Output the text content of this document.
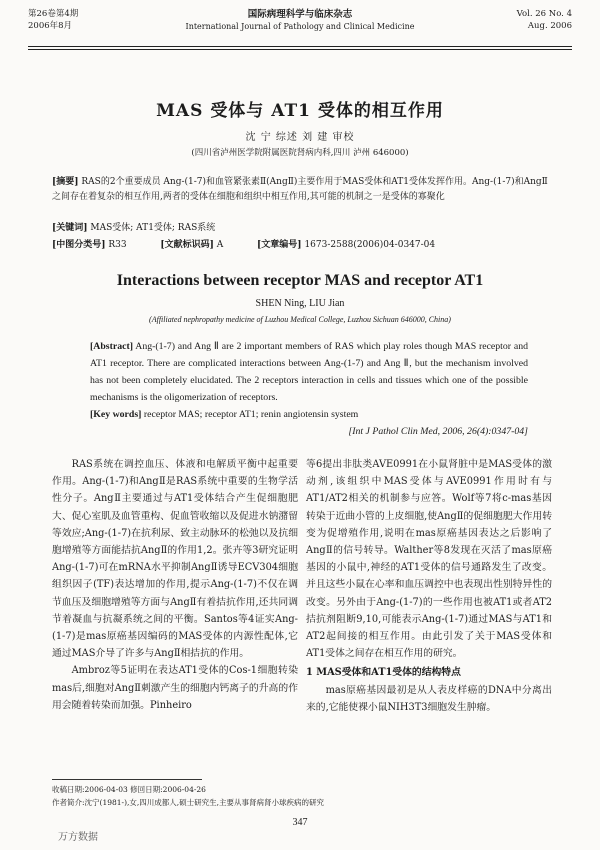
第26卷第4期
2006年8月
国际病理科学与临床杂志
International Journal of Pathology and Clinical Medicine
Vol. 26 No. 4
Aug. 2006
MAS 受体与 AT1 受体的相互作用
沈 宁 综述 刘 建 审校
(四川省泸州医学院附属医院肾病内科,四川 泸州 646000)
[摘要] RAS的2个重要成员 Ang-(1-7)和血管紧张素Ⅱ(AngⅡ)主要作用于MAS受体和AT1受体发挥作用。Ang-(1-7)和AngⅡ之间存在着复杂的相互作用,两者的受体在细胞和组织中相互作用,其可能的机制之一是受体的寡聚化
[关键词] MAS受体; AT1受体; RAS系统
[中图分类号] R33	[文献标识码] A	[文章编号] 1673-2588(2006)04-0347-04
Interactions between receptor MAS and receptor AT1
SHEN Ning, LIU Jian
(Affiliated nephropathy medicine of Luzhou Medical College, Luzhou Sichuan 646000, China)
[Abstract] Ang-(1-7) and Ang Ⅱ are 2 important members of RAS which play roles though MAS receptor and AT1 receptor. There are complicated interactions between Ang-(1-7) and Ang Ⅱ, but the mechanism involved has not been completely elucidated. The 2 receptors interaction in cells and tissues which one of the possible mechanisms is the oligomerization of receptors.
[Key words] receptor MAS; receptor AT1; renin angiotensin system
[Int J Pathol Clin Med, 2006, 26(4):0347-04]

RAS系统在调控血压、体液和电解质平衡中起重要作用。Ang-(1-7)和AngⅡ是RAS系统中重要的生物学活性分子。AngⅡ主要通过与AT1受体结合产生促细胞肥大、促心室肌及血管重构、促血管收缩以及促进水钠潴留等效应;Ang-(1-7)在抗利尿、致主动脉环的松弛以及抗细胞增殖等方面能拮抗AngⅡ的作用1,2。张卉等3研究证明Ang-(1-7)可在mRNA水平抑制AngⅡ诱导ECV304细胞组织因子(TF)表达增加的作用,提示Ang-(1-7)不仅在调节血压及细胞增殖等方面与AngⅡ有着拮抗作用,还共同调节着凝血与抗凝系统之间的平衡。Santos等4证实Ang-(1-7)是mas原癌基因编码的MAS受体的内源性配体,它通过MAS介导了许多与AngⅡ相拮抗的作用。

Ambroz等5证明在表达AT1受体的Cos-1细胞转染mas后,细胞对AngⅡ刺激产生的细胞内钙离子的升高的作用会随着转染而加强。Pinheiro

等6提出非肽类AVE0991在小鼠肾脏中是MAS受体的激动剂,该组织中MAS受体与AVE0991作用时有与AT1/AT2相关的机制参与应答。Wolf等7将c-mas基因转染于近曲小管的上皮细胞,使AngⅡ的促细胞肥大作用转变为促增殖作用,说明在mas原癌基因表达之后影响了AngⅡ的信号转导。Walther等8发现在灭活了mas原癌基因的小鼠中,神经的AT1受体的信号通路发生了改变。并且这些小鼠在心率和血压调控中也表现出性别特异性的改变。另外由于Ang-(1-7)的一些作用也被AT1或者AT2拮抗剂阻断9,10,可能表示Ang-(1-7)通过MAS与AT1和AT2起间接的相互作用。由此引发了关于MAS受体和AT1受体之间存在相互作用的研究。

1 MAS受体和AT1受体的结构特点

mas原癌基因最初是从人表皮样癌的DNA中分离出来的,它能使裸小鼠NIH3T3细胞发生肿瘤。

收稿日期:2006-04-03 修回日期:2006-04-26
作者简介:沈宁(1981-),女,四川成都人,硕士研究生,主要从事肾病肾小球疾病的研究
347
万方数据
